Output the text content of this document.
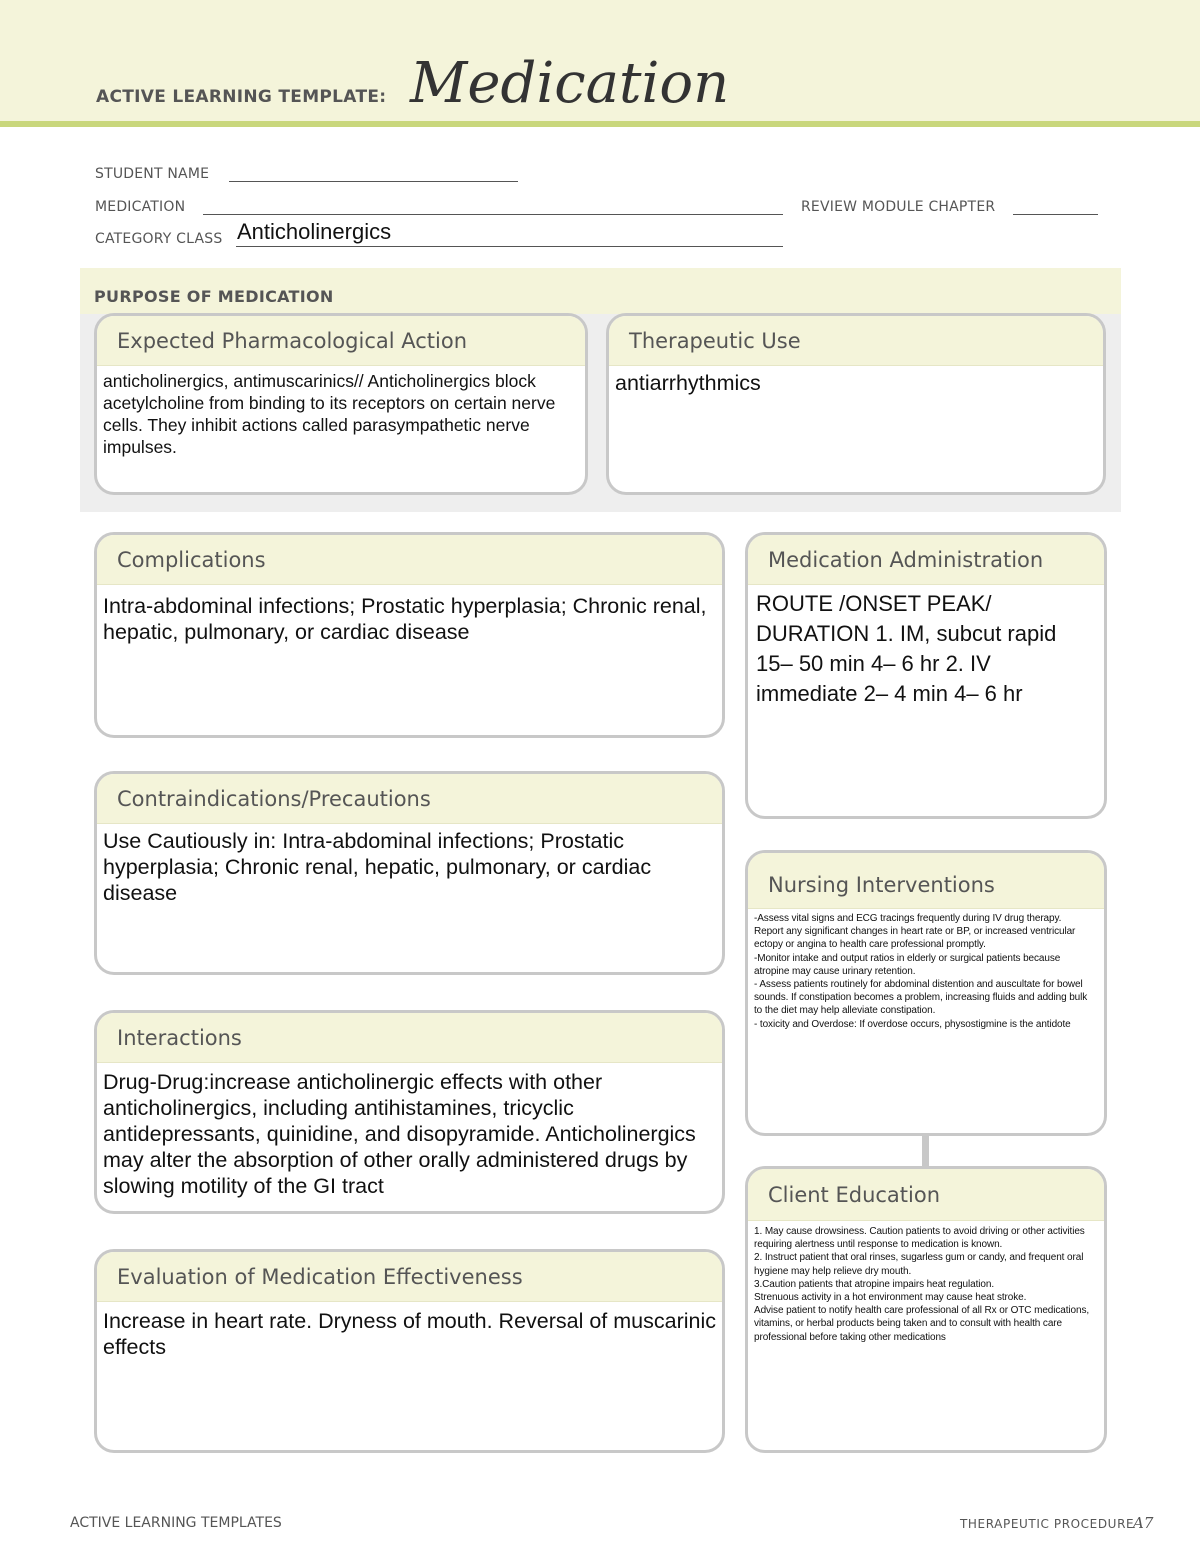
ACTIVE LEARNING TEMPLATE: Medication
STUDENT NAME
MEDICATION	REVIEW MODULE CHAPTER
CATEGORY CLASS Anticholinergics
PURPOSE OF MEDICATION
Expected Pharmacological Action
anticholinergics, antimuscarinics// Anticholinergics block acetylcholine from binding to its receptors on certain nerve cells. They inhibit actions called parasympathetic nerve impulses.
Therapeutic Use
antiarrhythmics
Complications
Intra-abdominal infections; Prostatic hyperplasia; Chronic renal, hepatic, pulmonary, or cardiac disease
Contraindications/Precautions
Use Cautiously in: Intra-abdominal infections; Prostatic hyperplasia; Chronic renal, hepatic, pulmonary, or cardiac disease
Interactions
Drug-Drug:increase anticholinergic effects with other anticholinergics, including antihistamines, tricyclic antidepressants, quinidine, and disopyramide. Anticholinergics may alter the absorption of other orally administered drugs by slowing motility of the GI tract
Evaluation of Medication Effectiveness
Increase in heart rate. Dryness of mouth. Reversal of muscarinic effects
Medication Administration
ROUTE /ONSET PEAK/
DURATION 1. IM, subcut rapid
15– 50 min 4– 6 hr 2. IV
immediate 2– 4 min 4– 6 hr
Nursing Interventions
-Assess vital signs and ECG tracings frequently during IV drug therapy.
Report any significant changes in heart rate or BP, or increased ventricular ectopy or angina to health care professional promptly.
-Monitor intake and output ratios in elderly or surgical patients because atropine may cause urinary retention.
- Assess patients routinely for abdominal distention and auscultate for bowel sounds. If constipation becomes a problem, increasing fluids and adding bulk to the diet may help alleviate constipation.
- toxicity and Overdose: If overdose occurs, physostigmine is the antidote
Client Education
1. May cause drowsiness. Caution patients to avoid driving or other activities requiring alertness until response to medication is known.
2. Instruct patient that oral rinses, sugarless gum or candy, and frequent oral hygiene may help relieve dry mouth.
3.Caution patients that atropine impairs heat regulation.
Strenuous activity in a hot environment may cause heat stroke.
Advise patient to notify health care professional of all Rx or OTC medications, vitamins, or herbal products being taken and to consult with health care professional before taking other medications
ACTIVE LEARNING TEMPLATES	THERAPEUTIC PROCEDURE
A7
